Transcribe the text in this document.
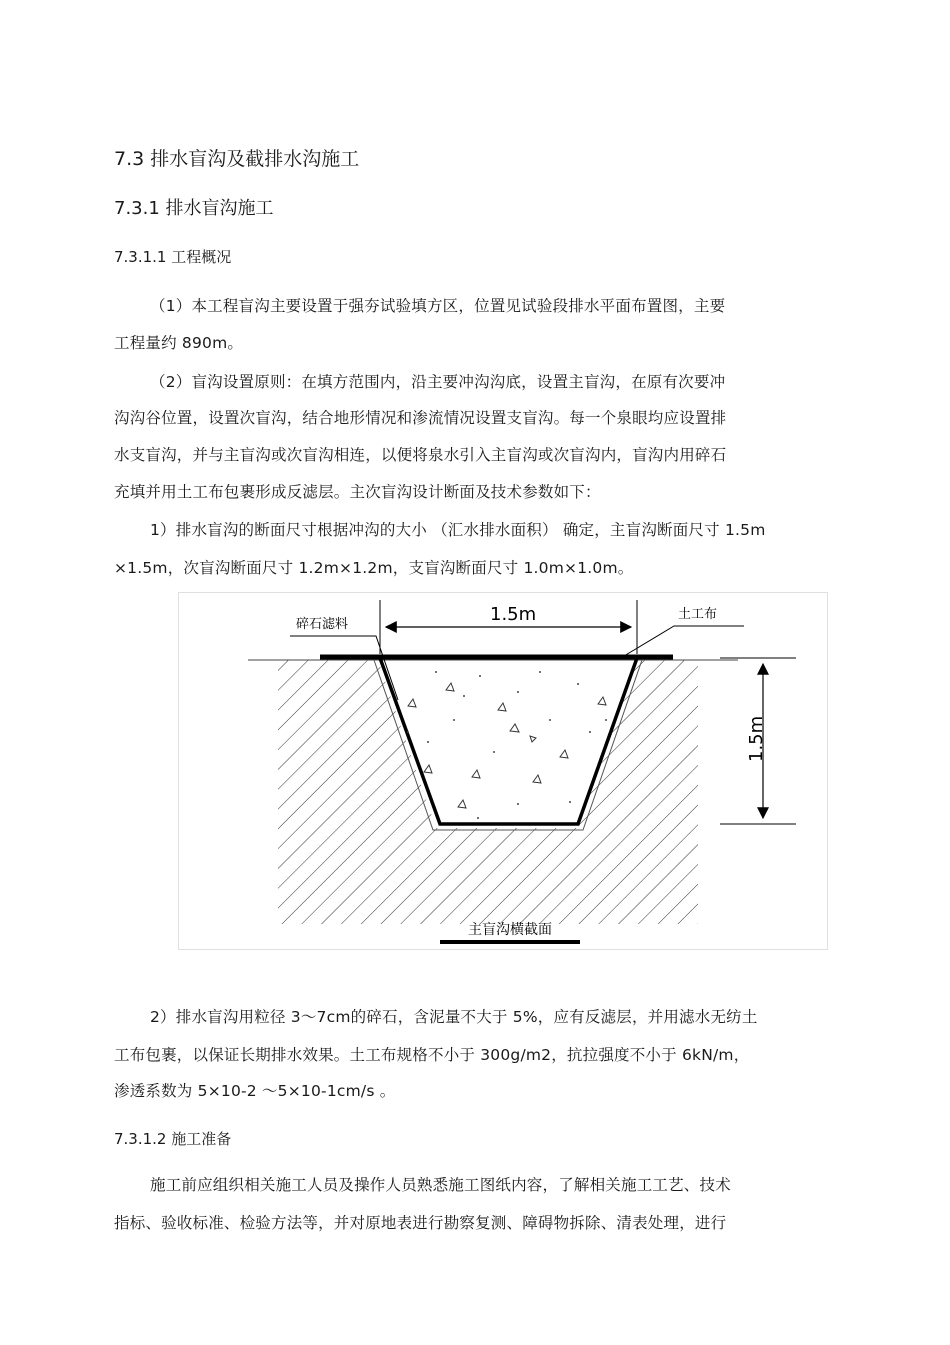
7.3 排水盲沟及截排水沟施工
7.3.1 排水盲沟施工
7.3.1.1 工程概况
（1）本工程盲沟主要设置于强夯试验填方区，位置见试验段排水平面布置图，主要
工程量约 890m。
（2）盲沟设置原则：在填方范围内，沿主要冲沟沟底，设置主盲沟，在原有次要冲
沟沟谷位置，设置次盲沟，结合地形情况和渗流情况设置支盲沟。每一个泉眼均应设置排
水支盲沟，并与主盲沟或次盲沟相连，以便将泉水引入主盲沟或次盲沟内，盲沟内用碎石
充填并用土工布包裹形成反滤层。主次盲沟设计断面及技术参数如下：
1）排水盲沟的断面尺寸根据冲沟的大小 （汇水排水面积） 确定，主盲沟断面尺寸 1.5m
×1.5m，次盲沟断面尺寸 1.2m×1.2m，支盲沟断面尺寸 1.0m×1.0m。
1.5m
1.5m
碎石滤料
土工布
主盲沟横截面
2）排水盲沟用粒径 3～7cm的碎石，含泥量不大于 5%，应有反滤层，并用滤水无纺土
工布包裹，以保证长期排水效果。土工布规格不小于 300g/m2，抗拉强度不小于 6kN/m，
渗透系数为 5×10-2 ～5×10-1cm/s 。
7.3.1.2 施工准备
施工前应组织相关施工人员及操作人员熟悉施工图纸内容，了解相关施工工艺、技术
指标、验收标准、检验方法等，并对原地表进行勘察复测、障碍物拆除、清表处理，进行
